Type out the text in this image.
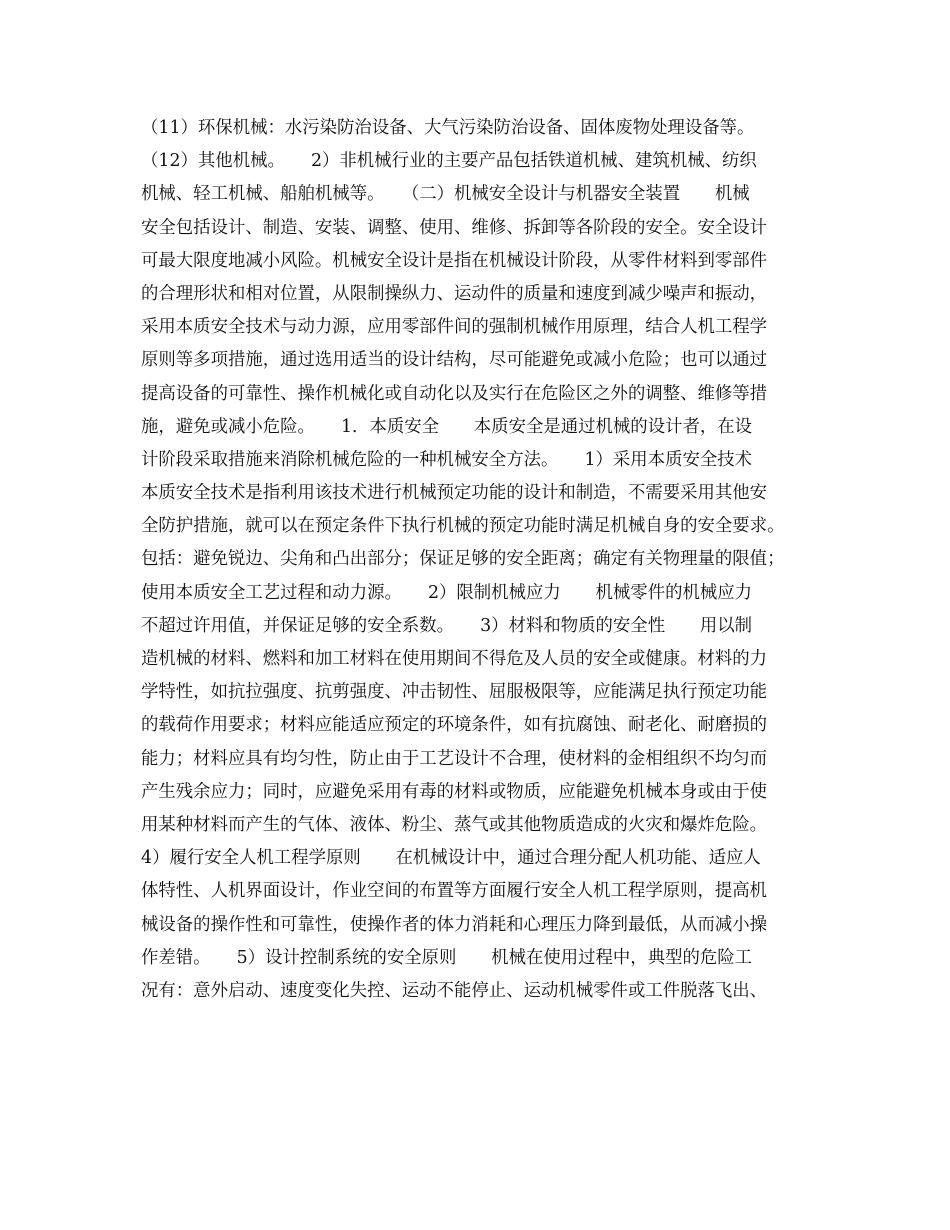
（11）环保机械：水污染防治设备、大气污染防治设备、固体废物处理设备等。
（12）其他机械。　　2）非机械行业的主要产品包括铁道机械、建筑机械、纺织
机械、轻工机械、船舶机械等。　　（二）机械安全设计与机器安全装置　　机械
安全包括设计、制造、安装、调整、使用、维修、拆卸等各阶段的安全。安全设计
可最大限度地减小风险。机械安全设计是指在机械设计阶段，从零件材料到零部件
的合理形状和相对位置，从限制操纵力、运动件的质量和速度到减少噪声和振动，
采用本质安全技术与动力源，应用零部件间的强制机械作用原理，结合人机工程学
原则等多项措施，通过选用适当的设计结构，尽可能避免或减小危险；也可以通过
提高设备的可靠性、操作机械化或自动化以及实行在危险区之外的调整、维修等措
施，避免或减小危险。　　1．本质安全　　本质安全是通过机械的设计者，在设
计阶段采取措施来消除机械危险的一种机械安全方法。　　1）采用本质安全技术
本质安全技术是指利用该技术进行机械预定功能的设计和制造，不需要采用其他安
全防护措施，就可以在预定条件下执行机械的预定功能时满足机械自身的安全要求。
包括：避免锐边、尖角和凸出部分；保证足够的安全距离；确定有关物理量的限值；
使用本质安全工艺过程和动力源。　　2）限制机械应力　　机械零件的机械应力
不超过许用值，并保证足够的安全系数。　　3）材料和物质的安全性　　用以制
造机械的材料、燃料和加工材料在使用期间不得危及人员的安全或健康。材料的力
学特性，如抗拉强度、抗剪强度、冲击韧性、屈服极限等，应能满足执行预定功能
的载荷作用要求；材料应能适应预定的环境条件，如有抗腐蚀、耐老化、耐磨损的
能力；材料应具有均匀性，防止由于工艺设计不合理，使材料的金相组织不均匀而
产生残余应力；同时，应避免采用有毒的材料或物质，应能避免机械本身或由于使
用某种材料而产生的气体、液体、粉尘、蒸气或其他物质造成的火灾和爆炸危险。
4）履行安全人机工程学原则　　在机械设计中，通过合理分配人机功能、适应人
体特性、人机界面设计，作业空间的布置等方面履行安全人机工程学原则，提高机
械设备的操作性和可靠性，使操作者的体力消耗和心理压力降到最低，从而减小操
作差错。　　5）设计控制系统的安全原则　　机械在使用过程中，典型的危险工
况有：意外启动、速度变化失控、运动不能停止、运动机械零件或工件脱落飞出、
